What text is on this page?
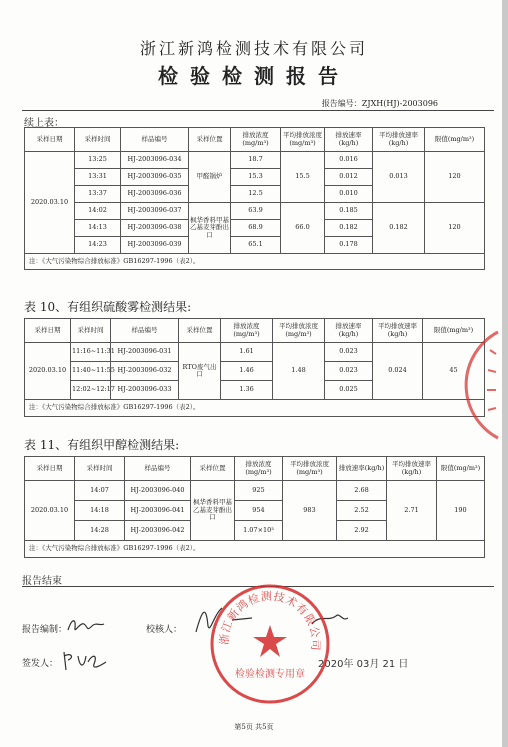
浙江新鸿检测技术有限公司
检验检测报告
报告编号：ZJXH(HJ)-2003096
续上表：
采样日期	采样时间	样品编号	采样位置	排放浓度(mg/m³)	平均排放浓度(mg/m³)	排放速率(kg/h)	平均排放速率(kg/h)	限值(mg/m³)
2020.03.10	13:25	HJ-2003096-034	甲醛锅炉	18.7	15.5	0.016	0.013	120
	13:31	HJ-2003096-035		15.3		0.012		
	13:37	HJ-2003096-036		12.5		0.010		
	14:02	HJ-2003096-037	枫华香料甲基乙基麦芽酚出口	63.9	66.0	0.185	0.182	120
	14:13	HJ-2003096-038		68.9		0.182		
	14:23	HJ-2003096-039		65.1		0.178		
注：《大气污染物综合排放标准》GB16297-1996（表2）。								
表 10、有组织硫酸雾检测结果:
采样日期	采样时间	样品编号	采样位置	排放浓度(mg/m³)	平均排放浓度(mg/m³)	排放速率(kg/h)	平均排放速率(kg/h)	限值(mg/m³)
2020.03.10	11:16~11:31	HJ-2003096-031	RTO废气出口	1.61	1.48	0.023	0.024	45
	11:40~11:55	HJ-2003096-032		1.46		0.023		
	12:02~12:17	HJ-2003096-033		1.36		0.025		
注：《大气污染物综合排放标准》GB16297-1996（表2）。								
表 11、有组织甲醇检测结果:
采样日期	采样时间	样品编号	采样位置	排放浓度(mg/m³)	平均排放浓度(mg/m³)	排放速率(kg/h)	平均排放速率(kg/h)	限值(mg/m³)
2020.03.10	14:07	HJ-2003096-040	枫华香料甲基乙基麦芽酚出口	925	983	2.68	2.71	190
	14:18	HJ-2003096-041		954		2.52		
	14:28	HJ-2003096-042		1.07×10³		2.92		
注：《大气污染物综合排放标准》GB16297-1996（表2）。								
报告结束
报告编制：	校核人：
签发人：	2020年 03月 21 日
浙江新鸿检测技术有限公司
检验检测专用章
第5页 共5页
